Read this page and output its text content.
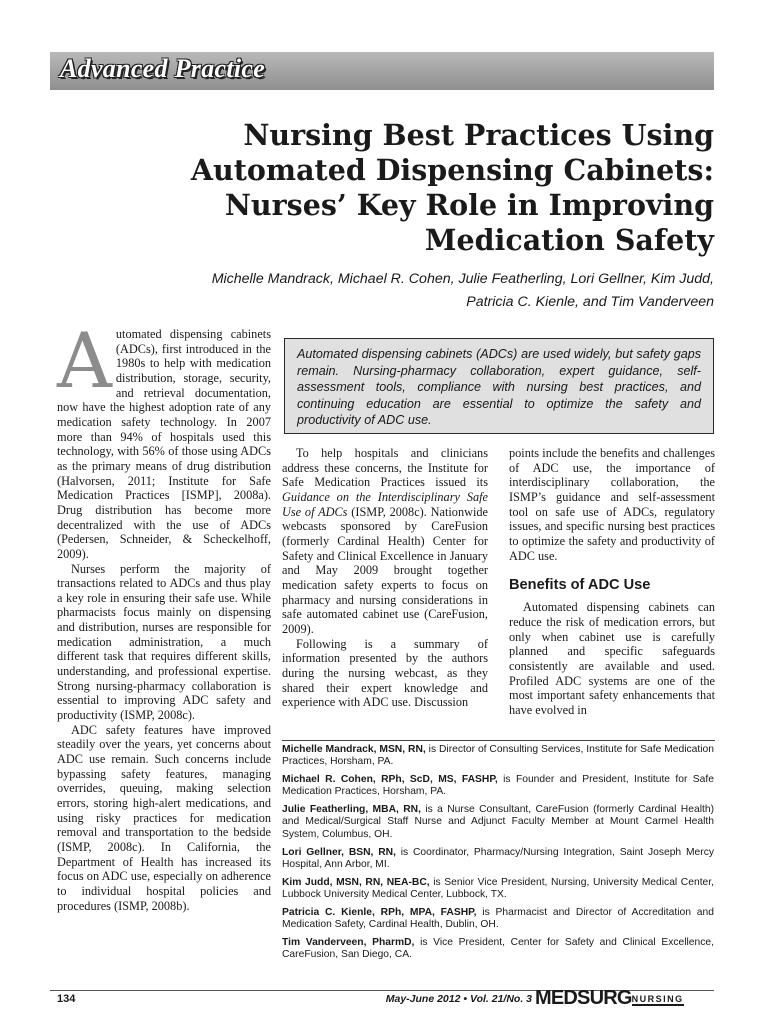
Advanced Practice
Nursing Best Practices Using
Automated Dispensing Cabinets:
Nurses’ Key Role in Improving
Medication Safety
Michelle Mandrack, Michael R. Cohen, Julie Featherling, Lori Gellner, Kim Judd,
Patricia C. Kienle, and Tim Vanderveen
A utomated dispensing cabinets (ADCs), first introduced in the 1980s to help with medication distribution, storage, security, and retrieval documentation, now have the highest adoption rate of any medication safety technology. In 2007 more than 94% of hospitals used this technology, with 56% of those using ADCs as the primary means of drug distribution (Halvorsen, 2011; Institute for Safe Medication Practices [ISMP], 2008a). Drug distribution has become more decentralized with the use of ADCs (Pedersen, Schneider, & Scheckelhoff, 2009).

Nurses perform the majority of transactions related to ADCs and thus play a key role in ensuring their safe use. While pharmacists focus mainly on dispensing and distribution, nurses are responsible for medication administration, a much different task that requires different skills, understanding, and professional expertise. Strong nursing-pharmacy collaboration is essential to improving ADC safety and productivity (ISMP, 2008c).

ADC safety features have improved steadily over the years, yet concerns about ADC use remain. Such concerns include bypassing safety features, managing overrides, queuing, making selection errors, storing high-alert medications, and using risky practices for medication removal and transportation to the bedside (ISMP, 2008c). In California, the Department of Health has increased its focus on ADC use, especially on adherence to individual hospital policies and procedures (ISMP, 2008b).

Automated dispensing cabinets (ADCs) are used widely, but safety gaps remain. Nursing-pharmacy collaboration, expert guidance, self-assessment tools, compliance with nursing best practices, and continuing education are essential to optimize the safety and productivity of ADC use.

To help hospitals and clinicians address these concerns, the Institute for Safe Medication Practices issued its Guidance on the Interdisciplinary Safe Use of ADCs (ISMP, 2008c). Nationwide webcasts sponsored by CareFusion (formerly Cardinal Health) Center for Safety and Clinical Excellence in January and May 2009 brought together medication safety experts to focus on pharmacy and nursing considerations in safe automated cabinet use (CareFusion, 2009).

Following is a summary of information presented by the authors during the nursing webcast, as they shared their expert knowledge and experience with ADC use. Discussion

points include the benefits and challenges of ADC use, the importance of interdisciplinary collaboration, the ISMP’s guidance and self-assessment tool on safe use of ADCs, regulatory issues, and specific nursing best practices to optimize the safety and productivity of ADC use.

Benefits of ADC Use

Automated dispensing cabinets can reduce the risk of medication errors, but only when cabinet use is carefully planned and specific safeguards consistently are available and used. Profiled ADC systems are one of the most important safety enhancements that have evolved in

Michelle Mandrack, MSN, RN, is Director of Consulting Services, Institute for Safe Medication Practices, Horsham, PA.

Michael R. Cohen, RPh, ScD, MS, FASHP, is Founder and President, Institute for Safe Medication Practices, Horsham, PA.

Julie Featherling, MBA, RN, is a Nurse Consultant, CareFusion (formerly Cardinal Health) and Medical/Surgical Staff Nurse and Adjunct Faculty Member at Mount Carmel Health System, Columbus, OH.

Lori Gellner, BSN, RN, is Coordinator, Pharmacy/Nursing Integration, Saint Joseph Mercy Hospital, Ann Arbor, MI.

Kim Judd, MSN, RN, NEA-BC, is Senior Vice President, Nursing, University Medical Center, Lubbock University Medical Center, Lubbock, TX.

Patricia C. Kienle, RPh, MPA, FASHP, is Pharmacist and Director of Accreditation and Medication Safety, Cardinal Health, Dublin, OH.

Tim Vanderveen, PharmD, is Vice President, Center for Safety and Clinical Excellence, CareFusion, San Diego, CA.

134	May-June 2012 • Vol. 21/No. 3 MEDSURGNURSING
